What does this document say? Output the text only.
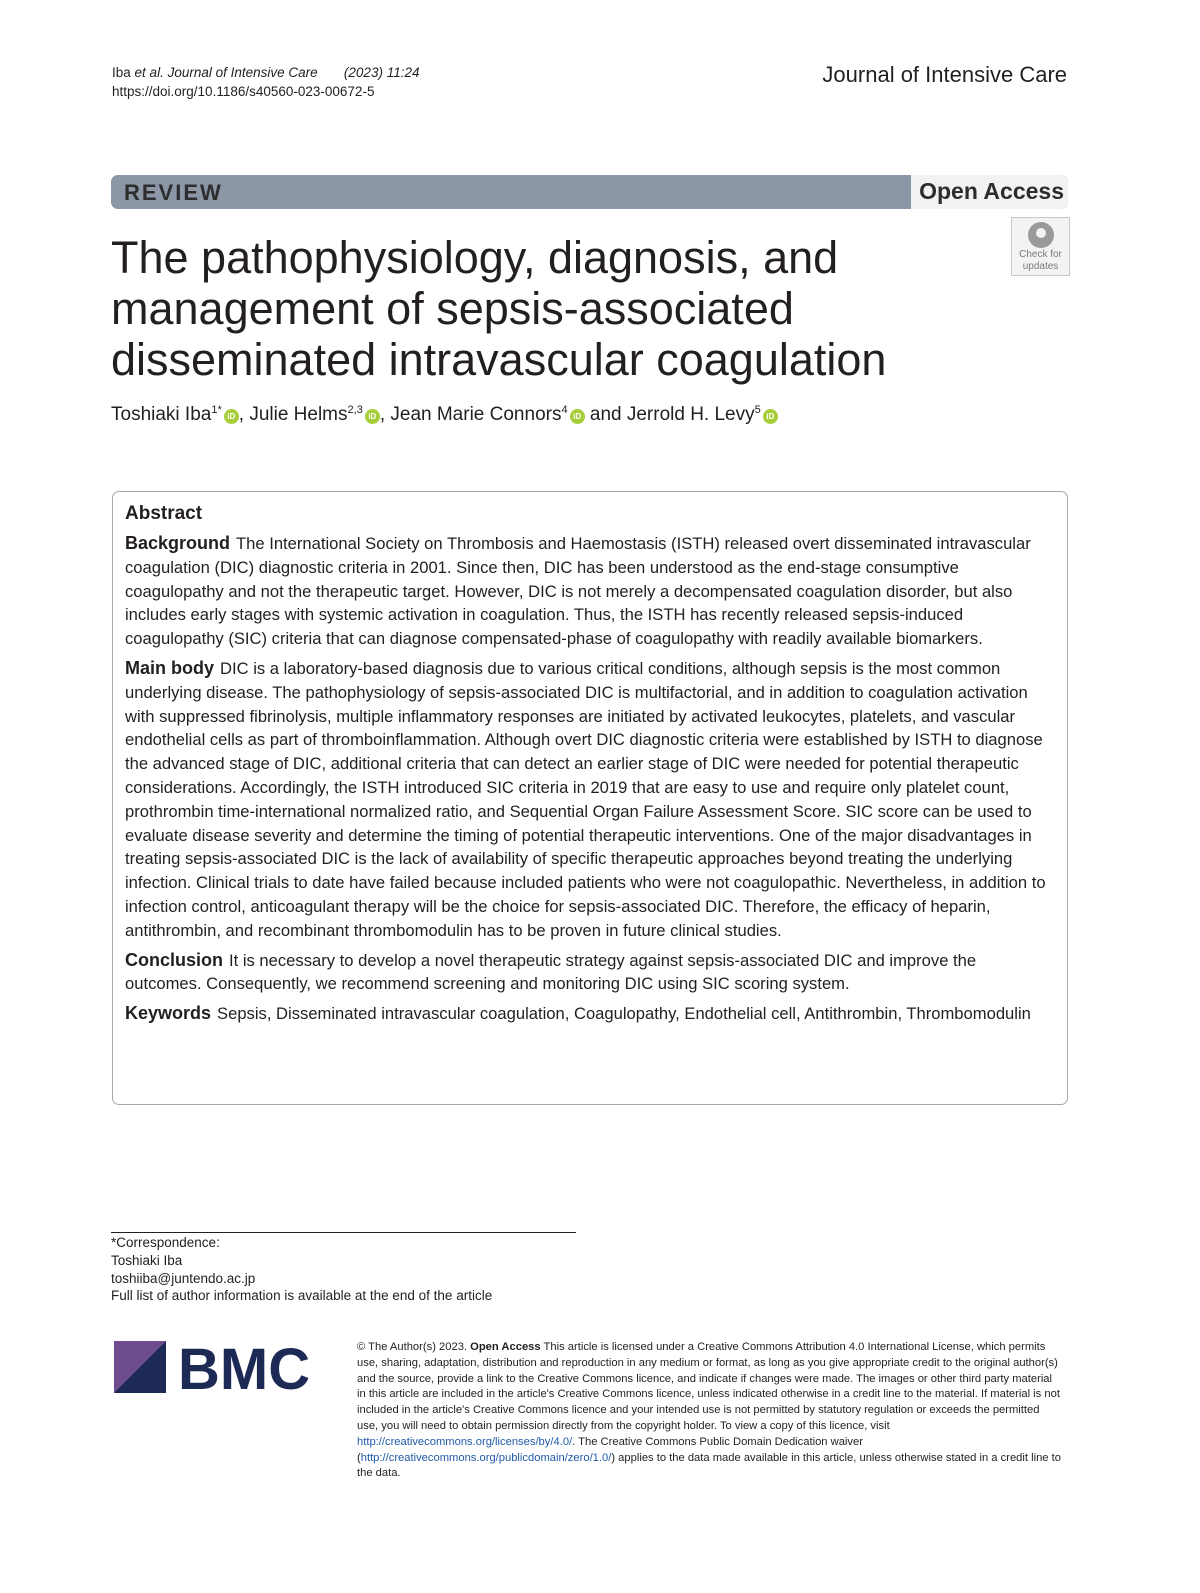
Iba et al. Journal of Intensive Care (2023) 11:24
https://doi.org/10.1186/s40560-023-00672-5
Journal of Intensive Care
REVIEW	Open Access
The pathophysiology, diagnosis, and management of sepsis-associated disseminated intravascular coagulation
Check for
updates
Toshiaki Iba$^{1*}$iD , Julie Helms$^{2,3}$iD , Jean Marie Connors$^4$iD and Jerrold H. Levy$^5$iD
Abstract

Background The International Society on Thrombosis and Haemostasis (ISTH) released overt disseminated intravascular coagulation (DIC) diagnostic criteria in 2001. Since then, DIC has been understood as the end-stage consumptive coagulopathy and not the therapeutic target. However, DIC is not merely a decompensated coagulation disorder, but also includes early stages with systemic activation in coagulation. Thus, the ISTH has recently released sepsis-induced coagulopathy (SIC) criteria that can diagnose compensated-phase of coagulopathy with readily available biomarkers.

Main body DIC is a laboratory-based diagnosis due to various critical conditions, although sepsis is the most common underlying disease. The pathophysiology of sepsis-associated DIC is multifactorial, and in addition to coagulation activation with suppressed fibrinolysis, multiple inflammatory responses are initiated by activated leukocytes, platelets, and vascular endothelial cells as part of thromboinflammation. Although overt DIC diagnostic criteria were established by ISTH to diagnose the advanced stage of DIC, additional criteria that can detect an earlier stage of DIC were needed for potential therapeutic considerations. Accordingly, the ISTH introduced SIC criteria in 2019 that are easy to use and require only platelet count, prothrombin time-international normalized ratio, and Sequential Organ Failure Assessment Score. SIC score can be used to evaluate disease severity and determine the timing of potential therapeutic interventions. One of the major disadvantages in treating sepsis-associated DIC is the lack of availability of specific therapeutic approaches beyond treating the underlying infection. Clinical trials to date have failed because included patients who were not coagulopathic. Nevertheless, in addition to infection control, anticoagulant therapy will be the choice for sepsis-associated DIC. Therefore, the efficacy of heparin, antithrombin, and recombinant thrombomodulin has to be proven in future clinical studies.

Conclusion It is necessary to develop a novel therapeutic strategy against sepsis-associated DIC and improve the outcomes. Consequently, we recommend screening and monitoring DIC using SIC scoring system.

Keywords Sepsis, Disseminated intravascular coagulation, Coagulopathy, Endothelial cell, Antithrombin, Thrombomodulin

*Correspondence:
Toshiaki Iba
toshiiba@juntendo.ac.jp
Full list of author information is available at the end of the article
BMC	© The Author(s) 2023. Open Access This article is licensed under a Creative Commons Attribution 4.0 International License, which permits use, sharing, adaptation, distribution and reproduction in any medium or format, as long as you give appropriate credit to the original author(s) and the source, provide a link to the Creative Commons licence, and indicate if changes were made. The images or other third party material in this article are included in the article's Creative Commons licence, unless indicated otherwise in a credit line to the material. If material is not included in the article's Creative Commons licence and your intended use is not permitted by statutory regulation or exceeds the permitted use, you will need to obtain permission directly from the copyright holder. To view a copy of this licence, visit http://creativecommons.org/licenses/by/4.0/. The Creative Commons Public Domain Dedication waiver (http://creativecommons.org/publicdomain/zero/1.0/) applies to the data made available in this article, unless otherwise stated in a credit line to the data.
